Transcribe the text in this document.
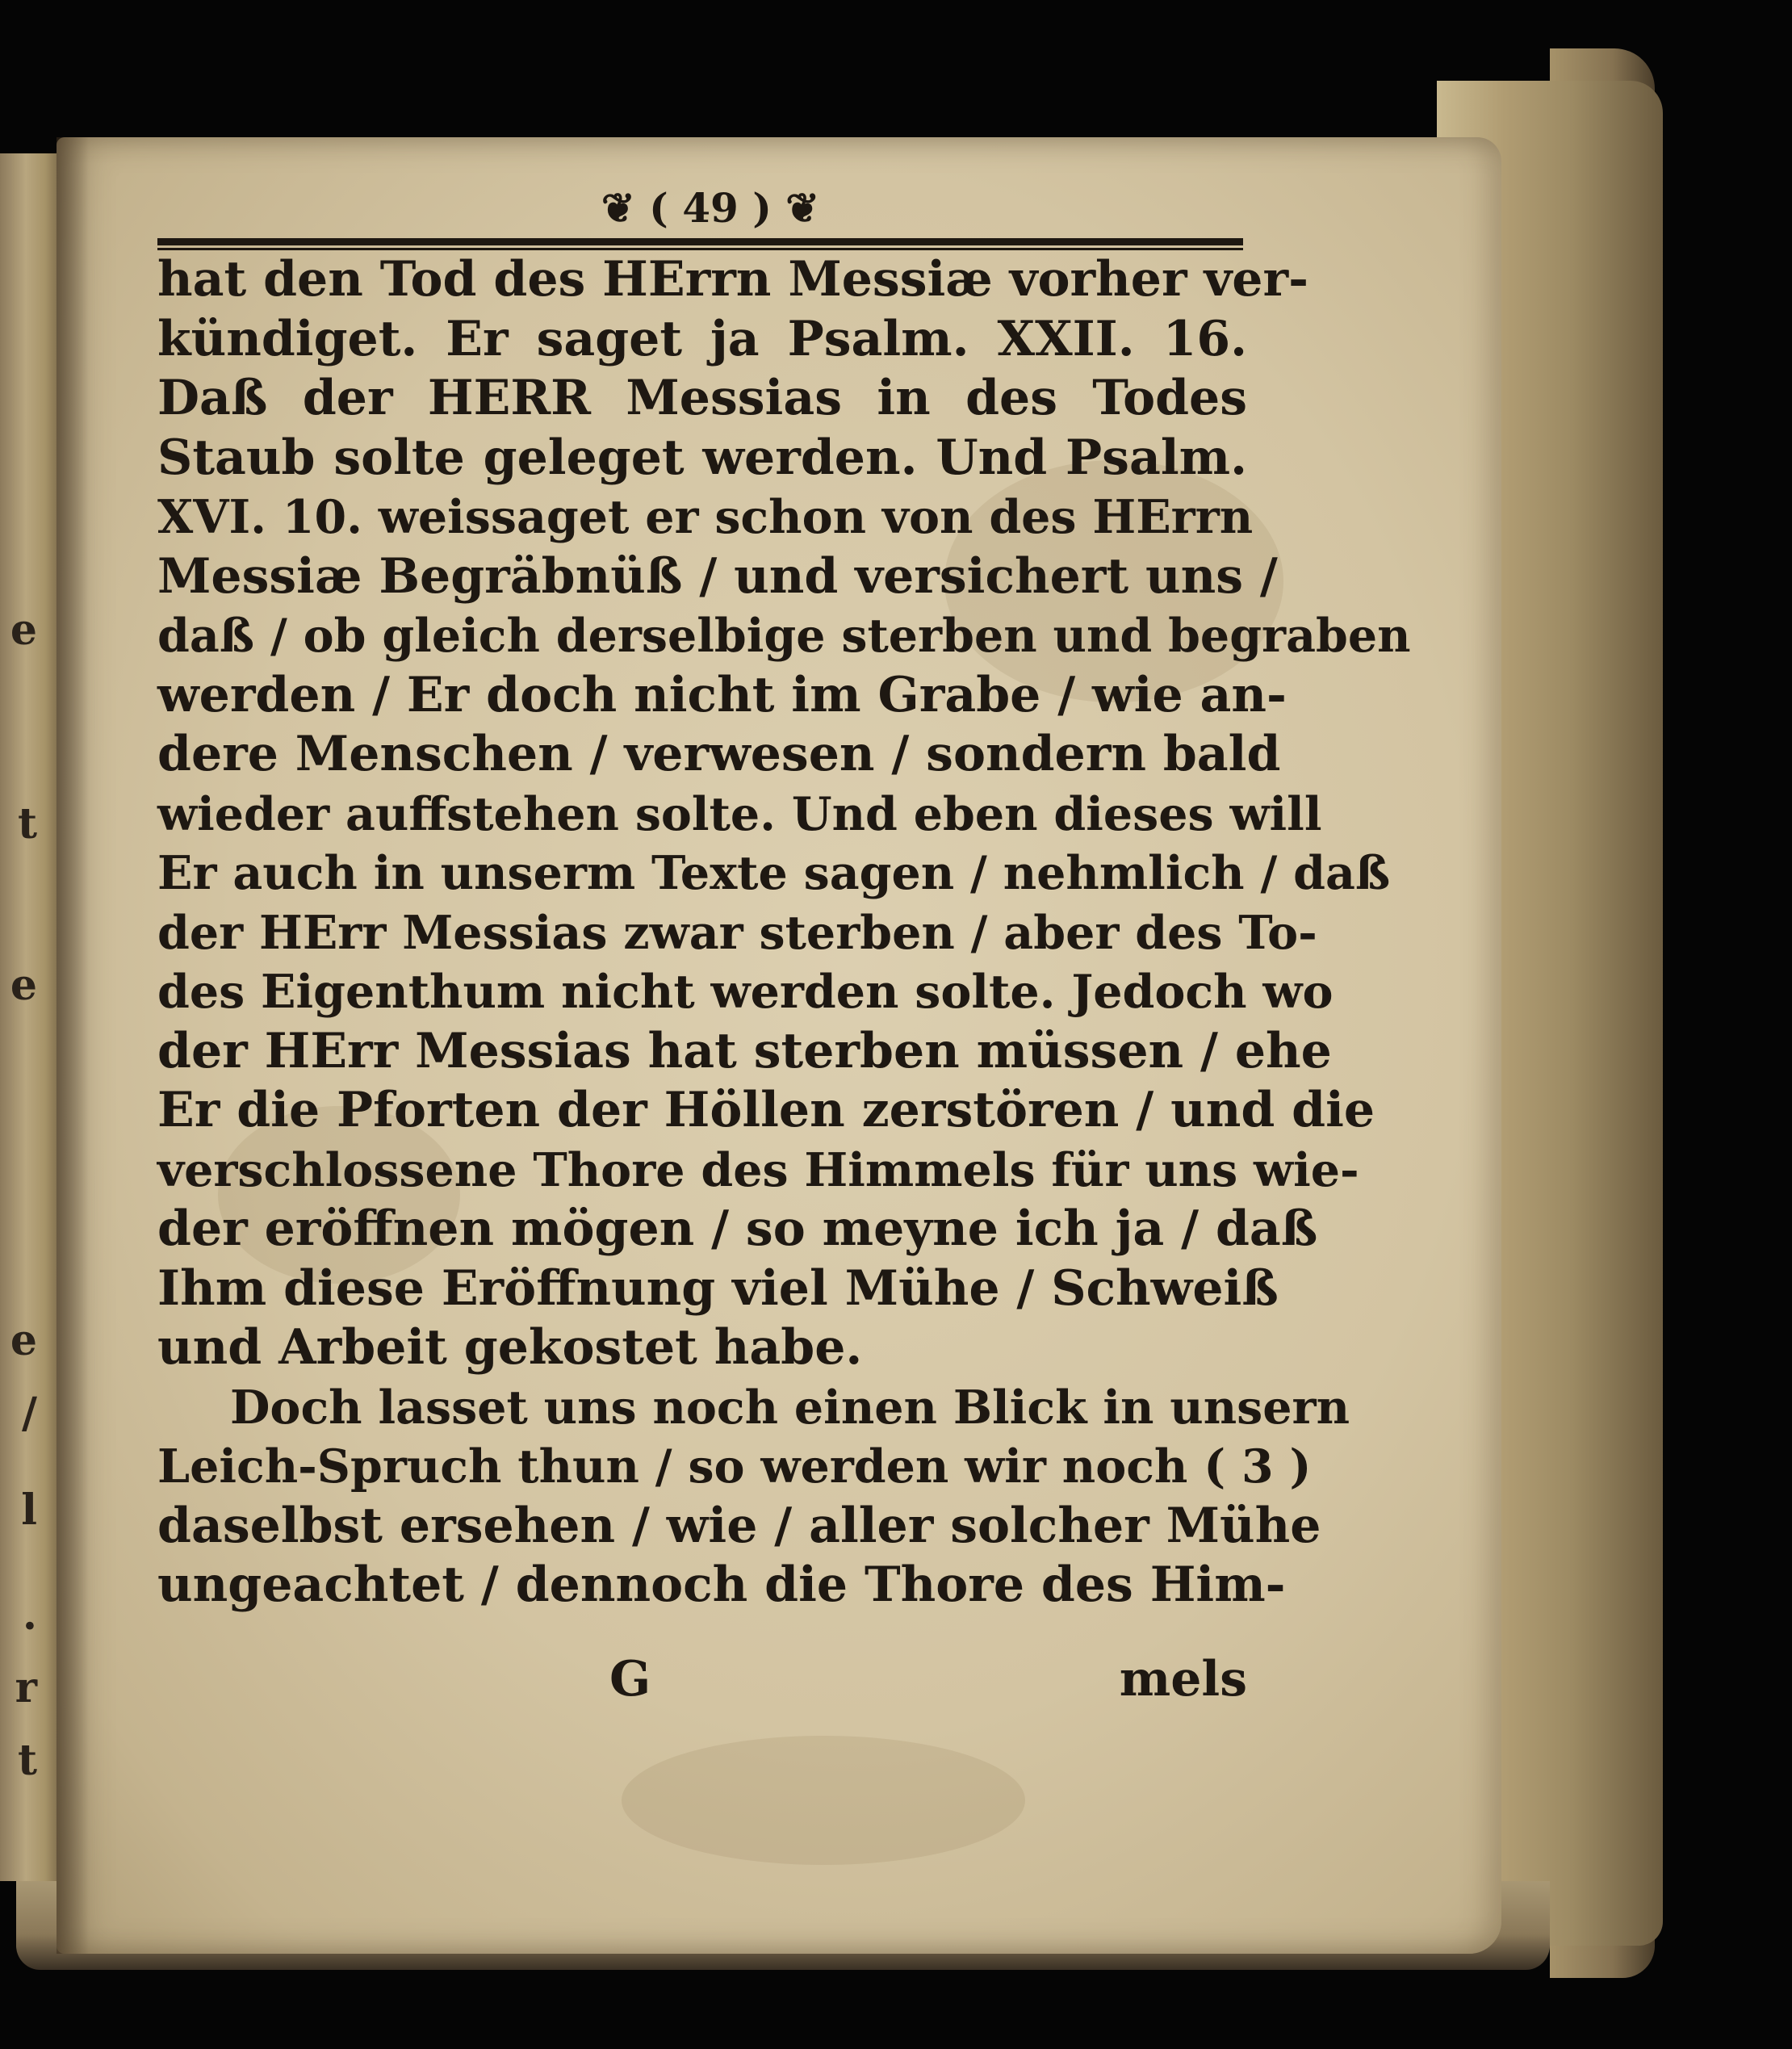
e
t
e
e
/
l
.
r
t
❦ ( 49 ) ❦
hat den Tod des HErrn Messiæ vorher ver-
kündiget. Er saget ja Psalm. XXII. 16.
Daß der HERR Messias in des Todes
Staub solte geleget werden. Und Psalm.
XVI. 10. weissaget er schon von des HErrn
Messiæ Begräbnüß / und versichert uns /
daß / ob gleich derselbige sterben und begraben
werden / Er doch nicht im Grabe / wie an-
dere Menschen / verwesen / sondern bald
wieder auffstehen solte. Und eben dieses will
Er auch in unserm Texte sagen / nehmlich / daß
der HErr Messias zwar sterben / aber des To-
des Eigenthum nicht werden solte. Jedoch wo
der HErr Messias hat sterben müssen / ehe
Er die Pforten der Höllen zerstören / und die
verschlossene Thore des Himmels für uns wie-
der eröffnen mögen / so meyne ich ja / daß
Ihm diese Eröffnung viel Mühe / Schweiß
und Arbeit gekostet habe.
Doch lasset uns noch einen Blick in unsern
Leich-Spruch thun / so werden wir noch ( 3 )
daselbst ersehen / wie / aller solcher Mühe
ungeachtet / dennoch die Thore des Him-
G	mels
